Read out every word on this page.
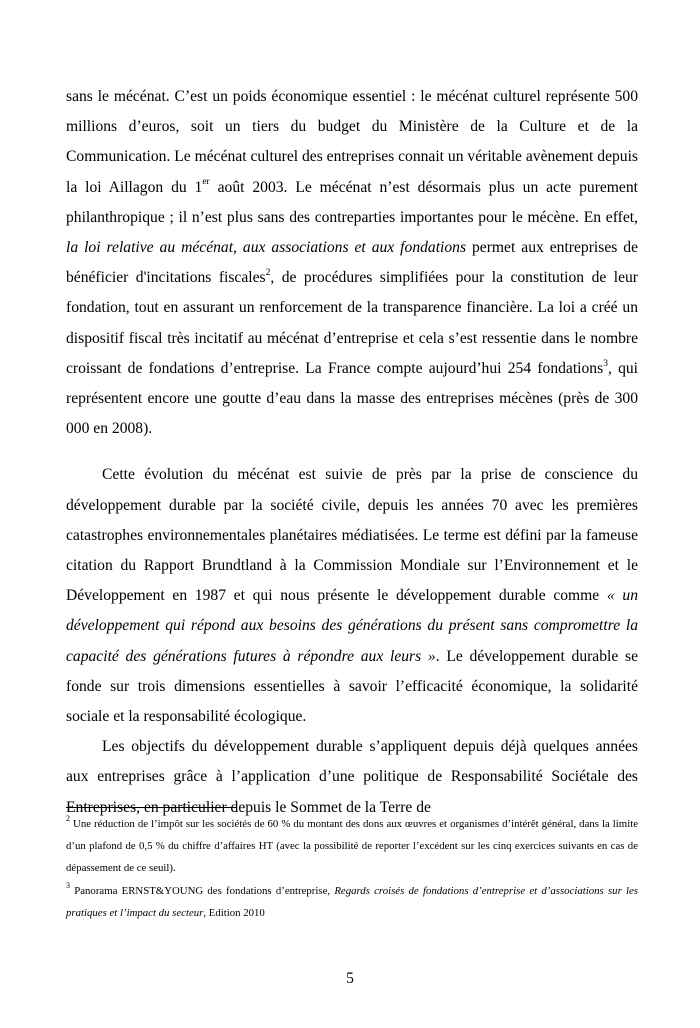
sans le mécénat. C’est un poids économique essentiel : le mécénat culturel représente 500 millions d’euros, soit un tiers du budget du Ministère de la Culture et de la Communication. Le mécénat culturel des entreprises connait un véritable avènement depuis la loi Aillagon du 1er août 2003. Le mécénat n’est désormais plus un acte purement philanthropique ; il n’est plus sans des contreparties importantes pour le mécène. En effet, la loi relative au mécénat, aux associations et aux fondations permet aux entreprises de bénéficier d'incitations fiscales$^2$, de procédures simplifiées pour la constitution de leur fondation, tout en assurant un renforcement de la transparence financière. La loi a créé un dispositif fiscal très incitatif au mécénat d’entreprise et cela s’est ressentie dans le nombre croissant de fondations d’entreprise. La France compte aujourd’hui 254 fondations$^3$, qui représentent encore une goutte d’eau dans la masse des entreprises mécènes (près de 300 000 en 2008).

Cette évolution du mécénat est suivie de près par la prise de conscience du développement durable par la société civile, depuis les années 70 avec les premières catastrophes environnementales planétaires médiatisées. Le terme est défini par la fameuse citation du Rapport Brundtland à la Commission Mondiale sur l’Environnement et le Développement en 1987 et qui nous présente le développement durable comme « un développement qui répond aux besoins des générations du présent sans compromettre la capacité des générations futures à répondre aux leurs ». Le développement durable se fonde sur trois dimensions essentielles à savoir l’efficacité économique, la solidarité sociale et la responsabilité écologique.

Les objectifs du développement durable s’appliquent depuis déjà quelques années aux entreprises grâce à l’application d’une politique de Responsabilité Sociétale des Entreprises, en particulier depuis le Sommet de la Terre de

$^2$ Une réduction de l’impôt sur les sociétés de 60 % du montant des dons aux œuvres et organismes d’intérêt général, dans la limite d’un plafond de 0,5 % du chiffre d’affaires HT (avec la possibilité de reporter l’excédent sur les cinq exercices suivants en cas de dépassement de ce seuil).

$^3$ Panorama ERNST&YOUNG des fondations d’entreprise, Regards croisés de fondations d’entreprise et d’associations sur les pratiques et l’impact du secteur, Edition 2010

5
